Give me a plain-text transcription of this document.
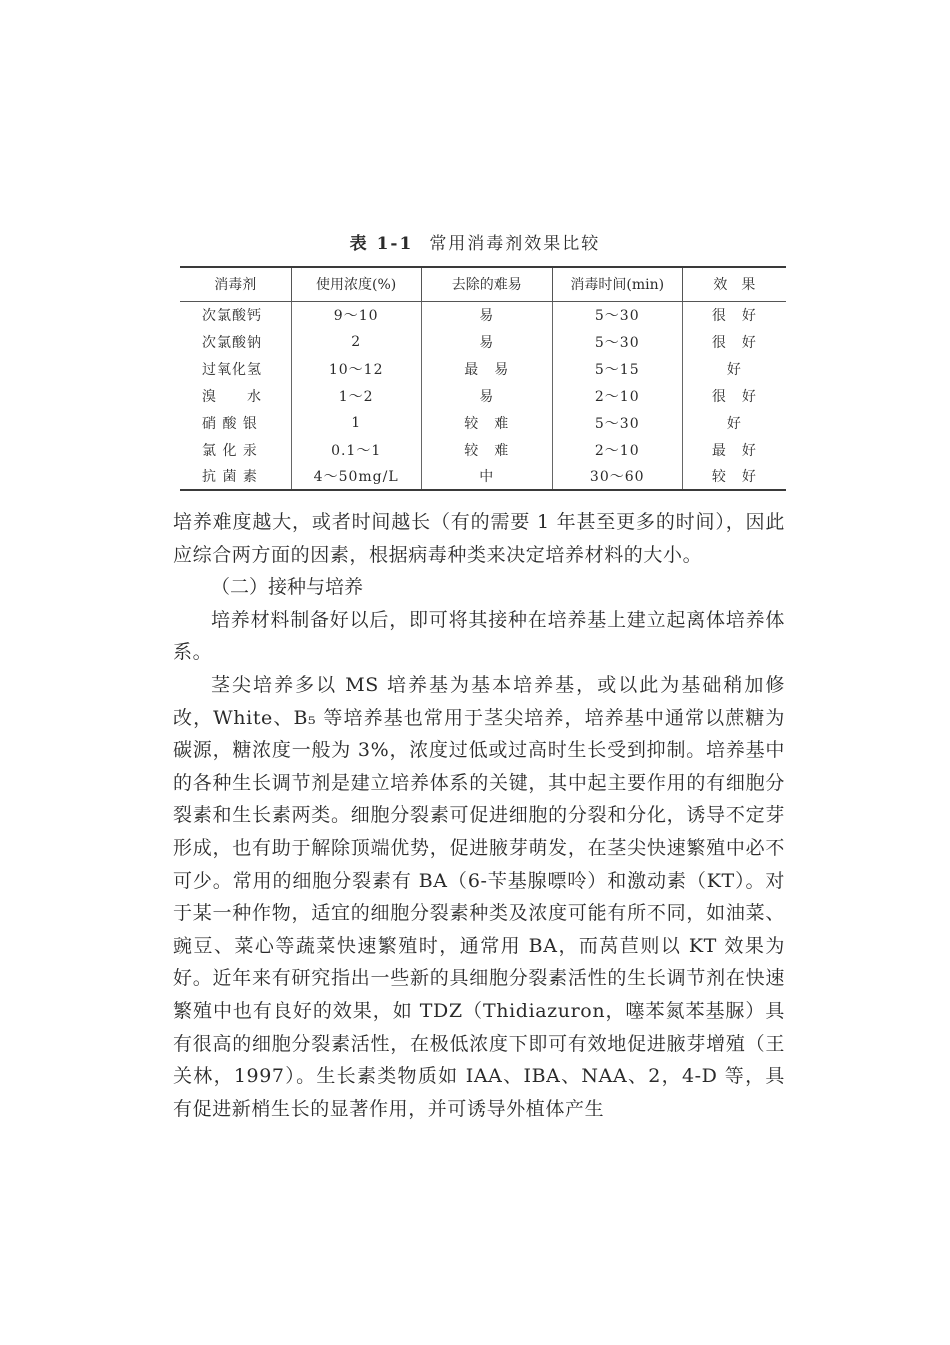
表 1-1 常用消毒剂效果比较
消毒剂	使用浓度(%)	去除的难易	消毒时间(min)	效　果
次氯酸钙	9～10	易	5～30	很　好
次氯酸钠	2	易	5～30	很　好
过氧化氢	10～12	最　易	5～15	好
溴　　水	1～2	易	2～10	很　好
硝 酸 银	1	较　难	5～30	好
氯 化 汞	0.1～1	较　难	2～10	最　好
抗 菌 素	4～50mg/L	中	30～60	较　好

培养难度越大，或者时间越长（有的需要 1 年甚至更多的时间），因此应综合两方面的因素，根据病毒种类来决定培养材料的大小。

（二）接种与培养

培养材料制备好以后，即可将其接种在培养基上建立起离体培养体系。

茎尖培养多以 MS 培养基为基本培养基，或以此为基础稍加修改，White、B₅ 等培养基也常用于茎尖培养，培养基中通常以蔗糖为碳源，糖浓度一般为 3%，浓度过低或过高时生长受到抑制。培养基中的各种生长调节剂是建立培养体系的关键，其中起主要作用的有细胞分裂素和生长素两类。细胞分裂素可促进细胞的分裂和分化，诱导不定芽形成，也有助于解除顶端优势，促进腋芽萌发，在茎尖快速繁殖中必不可少。常用的细胞分裂素有 BA（6-苄基腺嘌呤）和激动素（KT）。对于某一种作物，适宜的细胞分裂素种类及浓度可能有所不同，如油菜、豌豆、菜心等蔬菜快速繁殖时，通常用 BA，而莴苣则以 KT 效果为好。近年来有研究指出一些新的具细胞分裂素活性的生长调节剂在快速繁殖中也有良好的效果，如 TDZ（Thidiazuron，噻苯氮苯基脲）具有很高的细胞分裂素活性，在极低浓度下即可有效地促进腋芽增殖（王关林，1997）。生长素类物质如 IAA、IBA、NAA、2，4-D 等，具有促进新梢生长的显著作用，并可诱导外植体产生
